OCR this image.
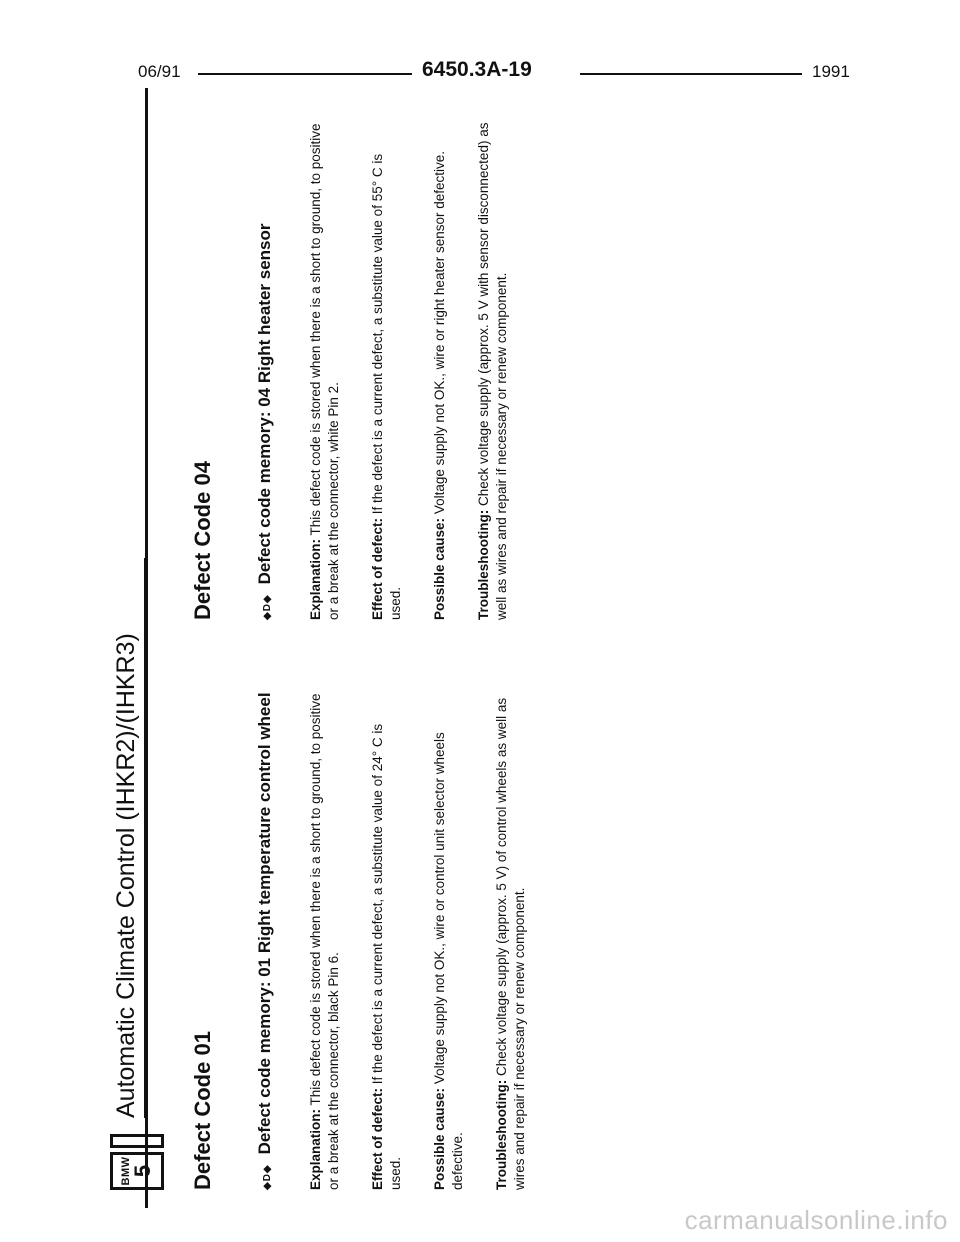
06/91	6450.3A-19	1991
BMW
5
Automatic Climate Control (IHKR2)/(IHKR3) Defect Code 01	◆D◆
Defect code memory: 01 Right temperature control wheel	Explanation: This defect code is stored when there is a short to ground, to positive or a break at the connector, black Pin 6. Effect of defect: If the defect is a current defect, a substitute value of 24° C is used. Possible cause: Voltage supply not OK., wire or control unit selector wheels defective. Troubleshooting: Check voltage supply (approx. 5 V) of control wheels as well as wires and repair if necessary or renew component.
Defect Code 04	◆D◆
Defect code memory: 04 Right heater sensor	Explanation: This defect code is stored when there is a short to ground, to positive or a break at the connector, white Pin 2. Effect of defect: If the defect is a current defect, a substitute value of 55° C is used. Possible cause: Voltage supply not OK., wire or right heater sensor defective.
Troubleshooting: Check voltage supply (approx. 5 V with sensor disconnected) as well as wires and repair if necessary or renew component.
carmanualsonline.info
